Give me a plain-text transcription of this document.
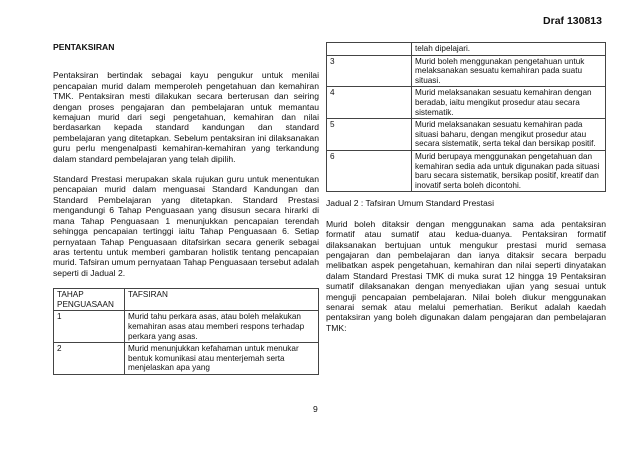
Draf 130813
PENTAKSIRAN

Pentaksiran bertindak sebagai kayu pengukur untuk menilai pencapaian murid dalam memperoleh pengetahuan dan kemahiran TMK. Pentaksiran mesti dilakukan secara berterusan dan seiring dengan proses pengajaran dan pembelajaran untuk memantau kemajuan murid dari segi pengetahuan, kemahiran dan nilai berdasarkan kepada standard kandungan dan standard pembelajaran yang ditetapkan. Sebelum pentaksiran ini dilaksanakan guru perlu mengenalpasti kemahiran-kemahiran yang terkandung dalam standard pembelajaran yang telah dipilih.

Standard Prestasi merupakan skala rujukan guru untuk menentukan pencapaian murid dalam menguasai Standard Kandungan dan Standard Pembelajaran yang ditetapkan. Standard Prestasi mengandungi 6 Tahap Penguasaan yang disusun secara hirarki di mana Tahap Penguasaan 1 menunjukkan pencapaian terendah sehingga pencapaian tertinggi iaitu Tahap Penguasaan 6. Setiap pernyataan Tahap Penguasaan ditafsirkan secara generik sebagai aras tertentu untuk memberi gambaran holistik tentang pencapaian murid. Tafsiran umum pernyataan Tahap Penguasaan tersebut adalah seperti di Jadual 2.

TAHAP PENGUASAAN	TAFSIRAN
1	Murid tahu perkara asas, atau boleh melakukan kemahiran asas atau memberi respons terhadap perkara yang asas.
2	Murid menunjukkan kefahaman untuk menukar bentuk komunikasi atau menterjemah serta menjelaskan apa yang
	telah dipelajari.
3	Murid boleh menggunakan pengetahuan untuk melaksanakan sesuatu kemahiran pada suatu situasi.
4	Murid melaksanakan sesuatu kemahiran dengan beradab, iaitu mengikut prosedur atau secara sistematik.
5	Murid melaksanakan sesuatu kemahiran pada situasi baharu, dengan mengikut prosedur atau secara sistematik, serta tekal dan bersikap positif.
6	Murid berupaya menggunakan pengetahuan dan kemahiran sedia ada untuk digunakan pada situasi baru secara sistematik, bersikap positif, kreatif dan inovatif serta boleh dicontohi.
Jadual 2 : Tafsiran Umum Standard Prestasi

Murid boleh ditaksir dengan menggunakan sama ada pentaksiran formatif atau sumatif atau kedua-duanya. Pentaksiran formatif dilaksanakan bertujuan untuk mengukur prestasi murid semasa pengajaran dan pembelajaran dan ianya ditaksir secara berpadu melibatkan aspek pengetahuan, kemahiran dan nilai seperti dinyatakan dalam Standard Prestasi TMK di muka surat 12 hingga 19 Pentaksiran sumatif dilaksanakan dengan menyediakan ujian yang sesuai untuk menguji pencapaian pembelajaran. Nilai boleh diukur menggunakan senarai semak atau melalui pemerhatian. Berikut adalah kaedah pentaksiran yang boleh digunakan dalam pengajaran dan pembelajaran TMK:

9
